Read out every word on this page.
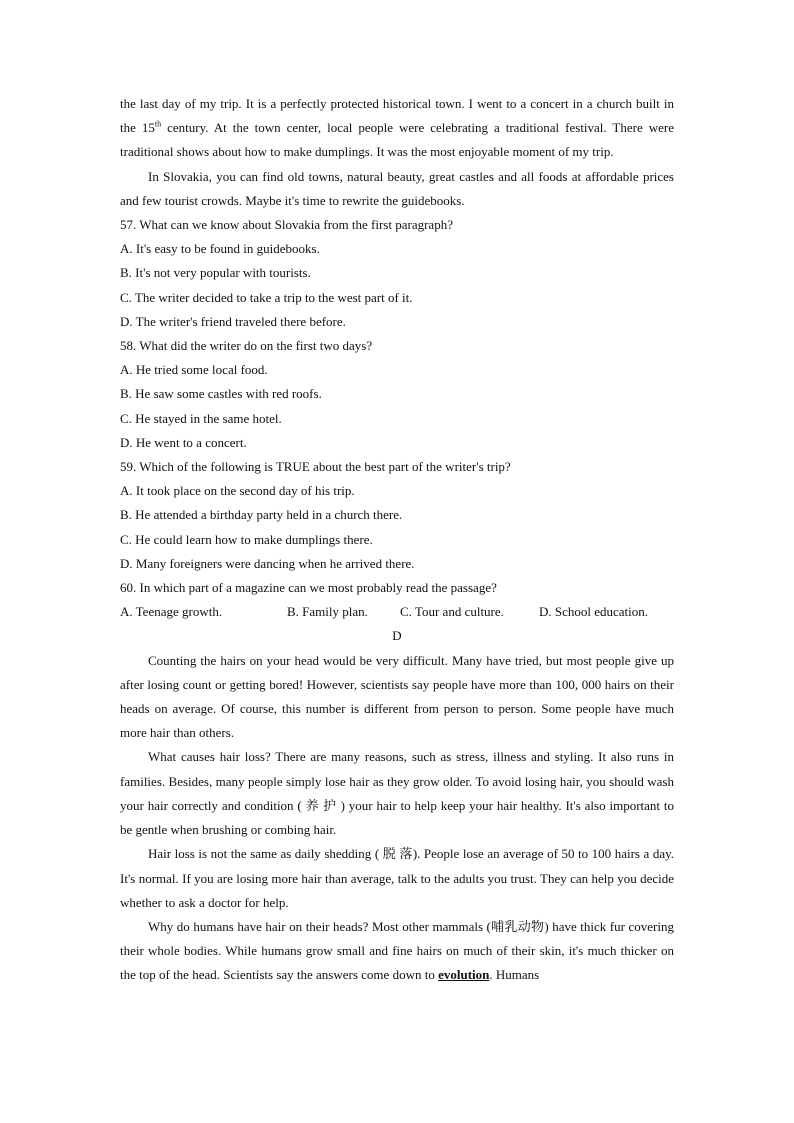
the last day of my trip. It is a perfectly protected historical town. I went to a concert in a church built in the 15th century. At the town center, local people were celebrating a traditional festival. There were traditional shows about how to make dumplings. It was the most enjoyable moment of my trip.

In Slovakia, you can find old towns, natural beauty, great castles and all foods at affordable prices and few tourist crowds. Maybe it's time to rewrite the guidebooks.

57. What can we know about Slovakia from the first paragraph?

A. It's easy to be found in guidebooks.

B. It's not very popular with tourists.

C. The writer decided to take a trip to the west part of it.

D. The writer's friend traveled there before.

58. What did the writer do on the first two days?

A. He tried some local food.

B. He saw some castles with red roofs.

C. He stayed in the same hotel.

D. He went to a concert.

59. Which of the following is TRUE about the best part of the writer's trip?

A. It took place on the second day of his trip.

B. He attended a birthday party held in a church there.

C. He could learn how to make dumplings there.

D. Many foreigners were dancing when he arrived there.

60. In which part of a magazine can we most probably read the passage?

A. Teenage growth.	B. Family plan.	C. Tour and culture.	D. School education.

D

Counting the hairs on your head would be very difficult. Many have tried, but most people give up after losing count or getting bored! However, scientists say people have more than 100, 000 hairs on their heads on average. Of course, this number is different from person to person. Some people have much more hair than others.

What causes hair loss? There are many reasons, such as stress, illness and styling. It also runs in families. Besides, many people simply lose hair as they grow older. To avoid losing hair, you should wash your hair correctly and condition ( 养 护 ) your hair to help keep your hair healthy. It's also important to be gentle when brushing or combing hair.

Hair loss is not the same as daily shedding ( 脱 落). People lose an average of 50 to 100 hairs a day. It's normal. If you are losing more hair than average, talk to the adults you trust. They can help you decide whether to ask a doctor for help.

Why do humans have hair on their heads? Most other mammals (哺乳动物) have thick fur covering their whole bodies. While humans grow small and fine hairs on much of their skin, it's much thicker on the top of the head. Scientists say the answers come down to evolution. Humans
